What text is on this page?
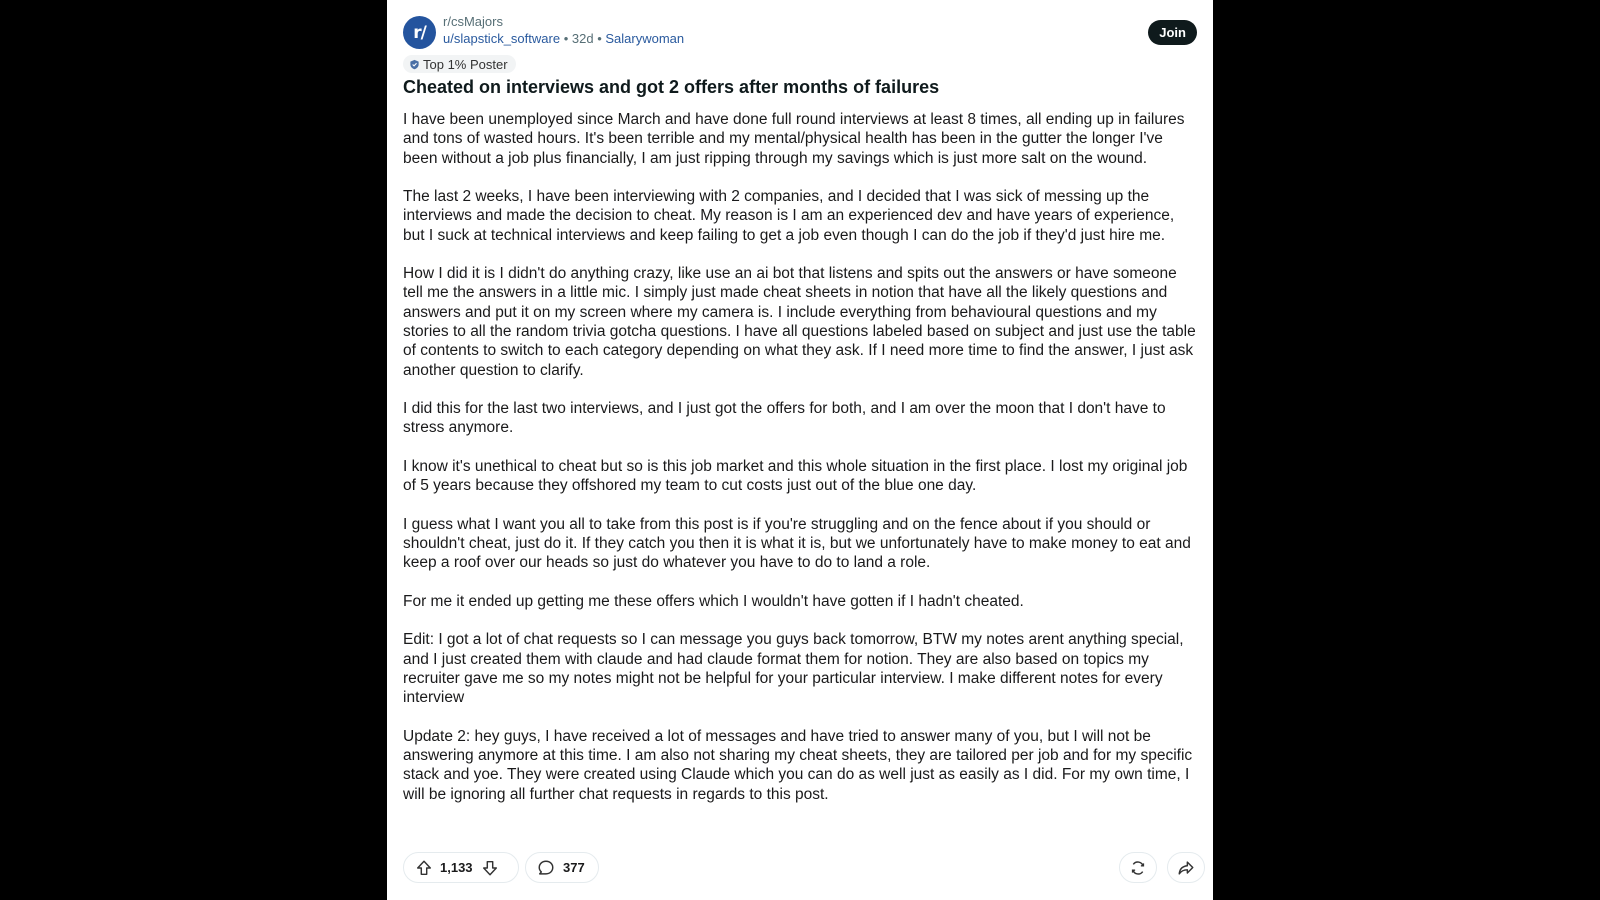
r/
r/csMajors
u/slapstick_software • 32d • Salarywoman	Join
Top 1% Poster
Cheated on interviews and got 2 offers after months of failures

I have been unemployed since March and have done full round interviews at least 8 times, all ending up in failures and tons of wasted hours. It's been terrible and my mental/physical health has been in the gutter the longer I've been without a job plus financially, I am just ripping through my savings which is just more salt on the wound.

The last 2 weeks, I have been interviewing with 2 companies, and I decided that I was sick of messing up the interviews and made the decision to cheat. My reason is I am an experienced dev and have years of experience, but I suck at technical interviews and keep failing to get a job even though I can do the job if they'd just hire me.

How I did it is I didn't do anything crazy, like use an ai bot that listens and spits out the answers or have someone tell me the answers in a little mic. I simply just made cheat sheets in notion that have all the likely questions and answers and put it on my screen where my camera is. I include everything from behavioural questions and my stories to all the random trivia gotcha questions. I have all questions labeled based on subject and just use the table of contents to switch to each category depending on what they ask. If I need more time to find the answer, I just ask another question to clarify.

I did this for the last two interviews, and I just got the offers for both, and I am over the moon that I don't have to stress anymore.

I know it's unethical to cheat but so is this job market and this whole situation in the first place. I lost my original job of 5 years because they offshored my team to cut costs just out of the blue one day.

I guess what I want you all to take from this post is if you're struggling and on the fence about if you should or shouldn't cheat, just do it. If they catch you then it is what it is, but we unfortunately have to make money to eat and keep a roof over our heads so just do whatever you have to do to land a role.

For me it ended up getting me these offers which I wouldn't have gotten if I hadn't cheated.

Edit: I got a lot of chat requests so I can message you guys back tomorrow, BTW my notes arent anything special, and I just created them with claude and had claude format them for notion. They are also based on topics my recruiter gave me so my notes might not be helpful for your particular interview. I make different notes for every interview

Update 2: hey guys, I have received a lot of messages and have tried to answer many of you, but I will not be answering anymore at this time. I am also not sharing my cheat sheets, they are tailored per job and for my specific stack and yoe. They were created using Claude which you can do as well just as easily as I did. For my own time, I will be ignoring all further chat requests in regards to this post.

1,133	377
